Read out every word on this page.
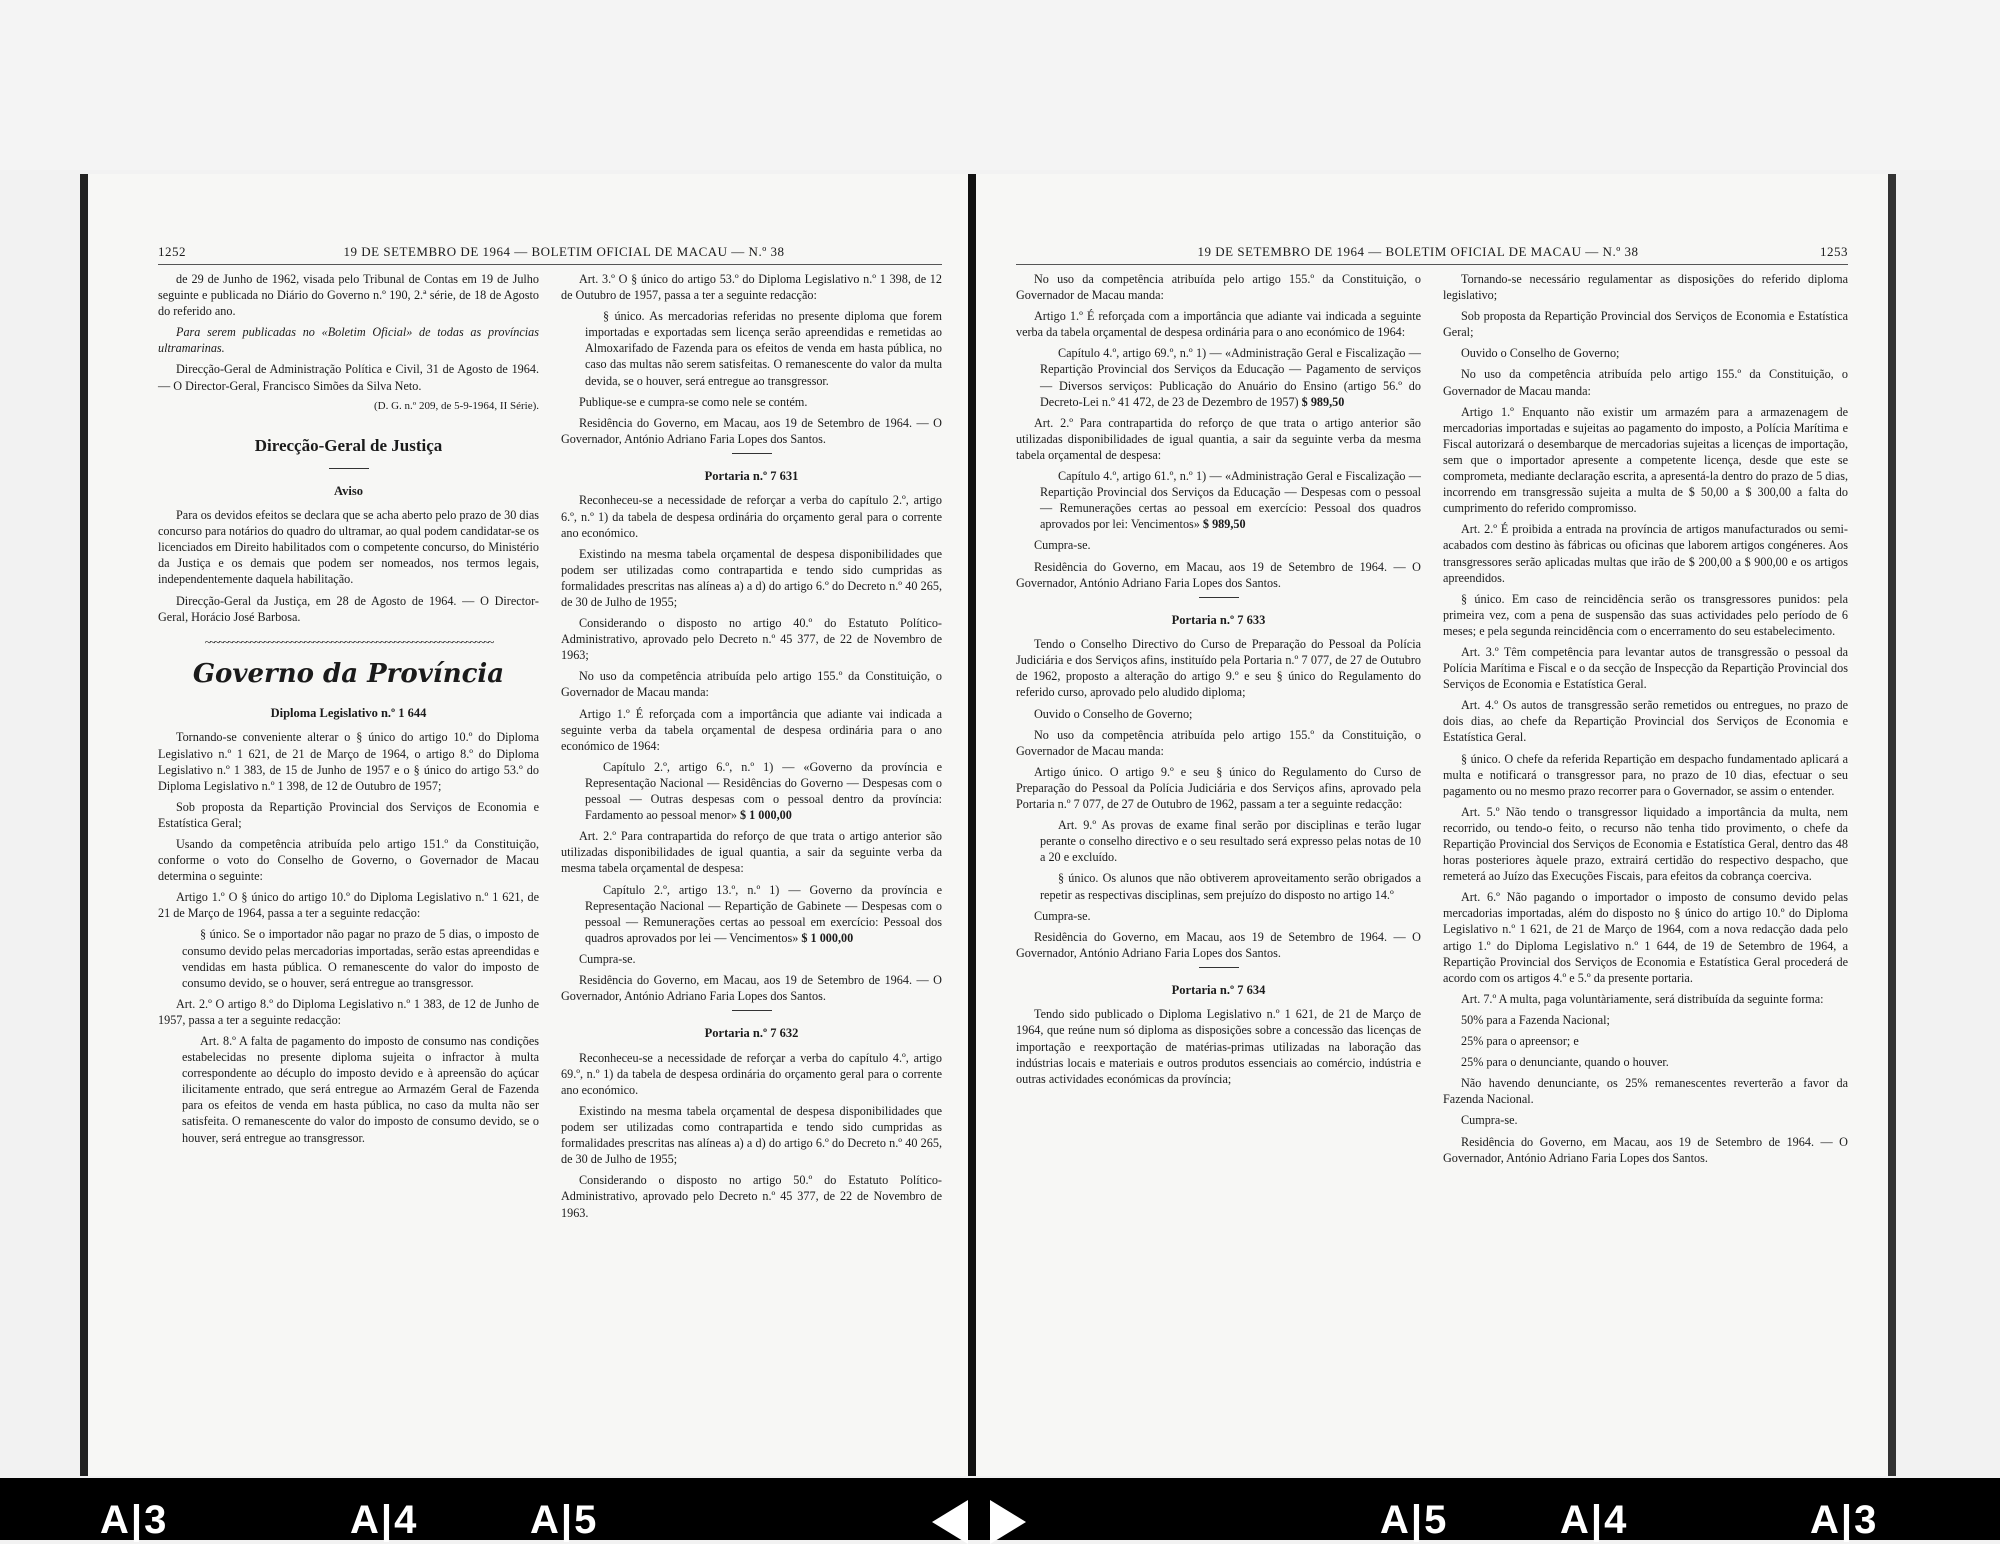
1252	19 DE SETEMBRO DE 1964 — BOLETIM OFICIAL DE MACAU — N.º 38

de 29 de Junho de 1962, visada pelo Tribunal de Contas em 19 de Julho seguinte e publicada no Diário do Governo n.º 190, 2.ª série, de 18 de Agosto do referido ano.

Para serem publicadas no «Boletim Oficial» de todas as províncias ultramarinas.

Direcção-Geral de Administração Política e Civil, 31 de Agosto de 1964. — O Director-Geral, Francisco Simões da Silva Neto.

(D. G. n.º 209, de 5-9-1964, II Série).

Direcção-Geral de Justiça
Aviso

Para os devidos efeitos se declara que se acha aberto pelo prazo de 30 dias concurso para notários do quadro do ultramar, ao qual podem candidatar-se os licenciados em Direito habilitados com o competente concurso, do Ministério da Justiça e os demais que podem ser nomeados, nos termos legais, independentemente daquela habilitação.

Direcção-Geral da Justiça, em 28 de Agosto de 1964. — O Director-Geral, Horácio José Barbosa.

~~~~~~~~~~~~~~~~~~~~~~~~~~~~~~~~~~~~~~~~~~~~~~~~~~~~~~~~~~~~~~~~
Governo da Província
Diploma Legislativo n.º 1 644

Tornando-se conveniente alterar o § único do artigo 10.º do Diploma Legislativo n.º 1 621, de 21 de Março de 1964, o artigo 8.º do Diploma Legislativo n.º 1 383, de 15 de Junho de 1957 e o § único do artigo 53.º do Diploma Legislativo n.º 1 398, de 12 de Outubro de 1957;

Sob proposta da Repartição Provincial dos Serviços de Economia e Estatística Geral;

Usando da competência atribuída pelo artigo 151.º da Constituição, conforme o voto do Conselho de Governo, o Governador de Macau determina o seguinte:

Artigo 1.º O § único do artigo 10.º do Diploma Legislativo n.º 1 621, de 21 de Março de 1964, passa a ter a seguinte redacção:

§ único. Se o importador não pagar no prazo de 5 dias, o imposto de consumo devido pelas mercadorias importadas, serão estas apreendidas e vendidas em hasta pública. O remanescente do valor do imposto de consumo devido, se o houver, será entregue ao transgressor.

Art. 2.º O artigo 8.º do Diploma Legislativo n.º 1 383, de 12 de Junho de 1957, passa a ter a seguinte redacção:

Art. 8.º A falta de pagamento do imposto de consumo nas condições estabelecidas no presente diploma sujeita o infractor à multa correspondente ao décuplo do imposto devido e à apreensão do açúcar ilicitamente entrado, que será entregue ao Armazém Geral de Fazenda para os efeitos de venda em hasta pública, no caso da multa não ser satisfeita. O remanescente do valor do imposto de consumo devido, se o houver, será entregue ao transgressor.

Art. 3.º O § único do artigo 53.º do Diploma Legislativo n.º 1 398, de 12 de Outubro de 1957, passa a ter a seguinte redacção:

§ único. As mercadorias referidas no presente diploma que forem importadas e exportadas sem licença serão apreendidas e remetidas ao Almoxarifado de Fazenda para os efeitos de venda em hasta pública, no caso das multas não serem satisfeitas. O remanescente do valor da multa devida, se o houver, será entregue ao transgressor.

Publique-se e cumpra-se como nele se contém.

Residência do Governo, em Macau, aos 19 de Setembro de 1964. — O Governador, António Adriano Faria Lopes dos Santos.

Portaria n.º 7 631

Reconheceu-se a necessidade de reforçar a verba do capítulo 2.º, artigo 6.º, n.º 1) da tabela de despesa ordinária do orçamento geral para o corrente ano económico.

Existindo na mesma tabela orçamental de despesa disponibilidades que podem ser utilizadas como contrapartida e tendo sido cumpridas as formalidades prescritas nas alíneas a) a d) do artigo 6.º do Decreto n.º 40 265, de 30 de Julho de 1955;

Considerando o disposto no artigo 40.º do Estatuto Político-Administrativo, aprovado pelo Decreto n.º 45 377, de 22 de Novembro de 1963;

No uso da competência atribuída pelo artigo 155.º da Constituição, o Governador de Macau manda:

Artigo 1.º É reforçada com a importância que adiante vai indicada a seguinte verba da tabela orçamental de despesa ordinária para o ano económico de 1964:

Capítulo 2.º, artigo 6.º, n.º 1) — «Governo da província e Representação Nacional — Residências do Governo — Despesas com o pessoal — Outras despesas com o pessoal dentro da província: Fardamento ao pessoal menor» $ 1 000,00

Art. 2.º Para contrapartida do reforço de que trata o artigo anterior são utilizadas disponibilidades de igual quantia, a sair da seguinte verba da mesma tabela orçamental de despesa:

Capítulo 2.º, artigo 13.º, n.º 1) — Governo da província e Representação Nacional — Repartição de Gabinete — Despesas com o pessoal — Remunerações certas ao pessoal em exercício: Pessoal dos quadros aprovados por lei — Vencimentos» $ 1 000,00

Cumpra-se.

Residência do Governo, em Macau, aos 19 de Setembro de 1964. — O Governador, António Adriano Faria Lopes dos Santos.

Portaria n.º 7 632

Reconheceu-se a necessidade de reforçar a verba do capítulo 4.º, artigo 69.º, n.º 1) da tabela de despesa ordinária do orçamento geral para o corrente ano económico.

Existindo na mesma tabela orçamental de despesa disponibilidades que podem ser utilizadas como contrapartida e tendo sido cumpridas as formalidades prescritas nas alíneas a) a d) do artigo 6.º do Decreto n.º 40 265, de 30 de Julho de 1955;

Considerando o disposto no artigo 50.º do Estatuto Político-Administrativo, aprovado pelo Decreto n.º 45 377, de 22 de Novembro de 1963.

19 DE SETEMBRO DE 1964 — BOLETIM OFICIAL DE MACAU — N.º 38	1253

No uso da competência atribuída pelo artigo 155.º da Constituição, o Governador de Macau manda:

Artigo 1.º É reforçada com a importância que adiante vai indicada a seguinte verba da tabela orçamental de despesa ordinária para o ano económico de 1964:

Capítulo 4.º, artigo 69.º, n.º 1) — «Administração Geral e Fiscalização — Repartição Provincial dos Serviços da Educação — Pagamento de serviços — Diversos serviços: Publicação do Anuário do Ensino (artigo 56.º do Decreto-Lei n.º 41 472, de 23 de Dezembro de 1957) $ 989,50

Art. 2.º Para contrapartida do reforço de que trata o artigo anterior são utilizadas disponibilidades de igual quantia, a sair da seguinte verba da mesma tabela orçamental de despesa:

Capítulo 4.º, artigo 61.º, n.º 1) — «Administração Geral e Fiscalização — Repartição Provincial dos Serviços da Educação — Despesas com o pessoal — Remunerações certas ao pessoal em exercício: Pessoal dos quadros aprovados por lei: Vencimentos» $ 989,50

Cumpra-se.

Residência do Governo, em Macau, aos 19 de Setembro de 1964. — O Governador, António Adriano Faria Lopes dos Santos.

Portaria n.º 7 633

Tendo o Conselho Directivo do Curso de Preparação do Pessoal da Polícia Judiciária e dos Serviços afins, instituído pela Portaria n.º 7 077, de 27 de Outubro de 1962, proposto a alteração do artigo 9.º e seu § único do Regulamento do referido curso, aprovado pelo aludido diploma;

Ouvido o Conselho de Governo;

No uso da competência atribuída pelo artigo 155.º da Constituição, o Governador de Macau manda:

Artigo único. O artigo 9.º e seu § único do Regulamento do Curso de Preparação do Pessoal da Polícia Judiciária e dos Serviços afins, aprovado pela Portaria n.º 7 077, de 27 de Outubro de 1962, passam a ter a seguinte redacção:

Art. 9.º As provas de exame final serão por disciplinas e terão lugar perante o conselho directivo e o seu resultado será expresso pelas notas de 10 a 20 e excluído.

§ único. Os alunos que não obtiverem aproveitamento serão obrigados a repetir as respectivas disciplinas, sem prejuízo do disposto no artigo 14.º

Cumpra-se.

Residência do Governo, em Macau, aos 19 de Setembro de 1964. — O Governador, António Adriano Faria Lopes dos Santos.

Portaria n.º 7 634

Tendo sido publicado o Diploma Legislativo n.º 1 621, de 21 de Março de 1964, que reúne num só diploma as disposições sobre a concessão das licenças de importação e reexportação de matérias-primas utilizadas na laboração das indústrias locais e materiais e outros produtos essenciais ao comércio, indústria e outras actividades económicas da província;

Tornando-se necessário regulamentar as disposições do referido diploma legislativo;

Sob proposta da Repartição Provincial dos Serviços de Economia e Estatística Geral;

Ouvido o Conselho de Governo;

No uso da competência atribuída pelo artigo 155.º da Constituição, o Governador de Macau manda:

Artigo 1.º Enquanto não existir um armazém para a armazenagem de mercadorias importadas e sujeitas ao pagamento do imposto, a Polícia Marítima e Fiscal autorizará o desembarque de mercadorias sujeitas a licenças de importação, sem que o importador apresente a competente licença, desde que este se comprometa, mediante declaração escrita, a apresentá-la dentro do prazo de 5 dias, incorrendo em transgressão sujeita a multa de $ 50,00 a $ 300,00 a falta do cumprimento do referido compromisso.

Art. 2.º É proibida a entrada na província de artigos manufacturados ou semi-acabados com destino às fábricas ou oficinas que laborem artigos congéneres. Aos transgressores serão aplicadas multas que irão de $ 200,00 a $ 900,00 e os artigos apreendidos.

§ único. Em caso de reincidência serão os transgressores punidos: pela primeira vez, com a pena de suspensão das suas actividades pelo período de 6 meses; e pela segunda reincidência com o encerramento do seu estabelecimento.

Art. 3.º Têm competência para levantar autos de transgressão o pessoal da Polícia Marítima e Fiscal e o da secção de Inspecção da Repartição Provincial dos Serviços de Economia e Estatística Geral.

Art. 4.º Os autos de transgressão serão remetidos ou entregues, no prazo de dois dias, ao chefe da Repartição Provincial dos Serviços de Economia e Estatística Geral.

§ único. O chefe da referida Repartição em despacho fundamentado aplicará a multa e notificará o transgressor para, no prazo de 10 dias, efectuar o seu pagamento ou no mesmo prazo recorrer para o Governador, se assim o entender.

Art. 5.º Não tendo o transgressor liquidado a importância da multa, nem recorrido, ou tendo-o feito, o recurso não tenha tido provimento, o chefe da Repartição Provincial dos Serviços de Economia e Estatística Geral, dentro das 48 horas posteriores àquele prazo, extrairá certidão do respectivo despacho, que remeterá ao Juízo das Execuções Fiscais, para efeitos da cobrança coerciva.

Art. 6.º Não pagando o importador o imposto de consumo devido pelas mercadorias importadas, além do disposto no § único do artigo 10.º do Diploma Legislativo n.º 1 621, de 21 de Março de 1964, com a nova redacção dada pelo artigo 1.º do Diploma Legislativo n.º 1 644, de 19 de Setembro de 1964, a Repartição Provincial dos Serviços de Economia e Estatística Geral procederá de acordo com os artigos 4.º e 5.º da presente portaria.

Art. 7.º A multa, paga voluntàriamente, será distribuída da seguinte forma:

50% para a Fazenda Nacional;

25% para o apreensor; e

25% para o denunciante, quando o houver.

Não havendo denunciante, os 25% remanescentes reverterão a favor da Fazenda Nacional.

Cumpra-se.

Residência do Governo, em Macau, aos 19 de Setembro de 1964. — O Governador, António Adriano Faria Lopes dos Santos.

A|3	A|4	A|5	A|5	A|4	A|3
